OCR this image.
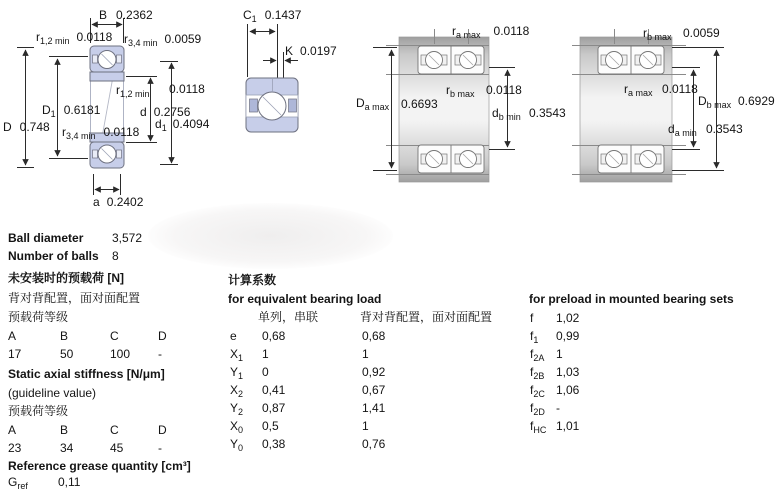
B 0.2362
$r_{1,2 min}$ 0.0118 $r_{3,4 min}$ 0.0059
$r_{1,2 min}$ 0.0118
$D_1$ 0.6181	d 0.2756
D 0.748	$d_1$ 0.4094
$r_{3,4 min}$ 0.0118
a 0.2402
$C_1$ 0.1437
K 0.0197
$r_{a max}$ 0.0118
$D_{a max}$ 0.6693
$r_{b max}$ 0.0118
$d_{b min}$ 0.3543
$r_{b max}$ 0.0059
$r_{a max}$ 0.0118
$D_{b max}$ 0.6929
$d_{a min}$ 0.3543
Ball diameter 3,572
Number of balls 8
未安装时的预载荷 [N]
背对背配置，面对面配置
预载荷等级
A	B	C	D
17	50	100 -
Static axial stiffness [N/μm]
(guideline value)
预载荷等级
A	B	C	D
23	34	45	-
Reference grease quantity [cm³]
$G_{ref}$	0,11
计算系数
for equivalent bearing load
单列，串联	背对背配置，面对面配置
e 0,68	0,68
$X_1$ 1	1
$Y_1$ 0	0,92
$X_2$ 0,41	0,67
$Y_2$ 0,87	1,41
$X_0$ 0,5	1
$Y_0$ 0,38	0,76
for preload in mounted bearing sets
f 1,02
$f_1$ 0,99
$f_{2A}$ 1
$f_{2B}$ 1,03
$f_{2C}$ 1,06
$f_{2D}$ -
$f_{HC}$ 1,01
